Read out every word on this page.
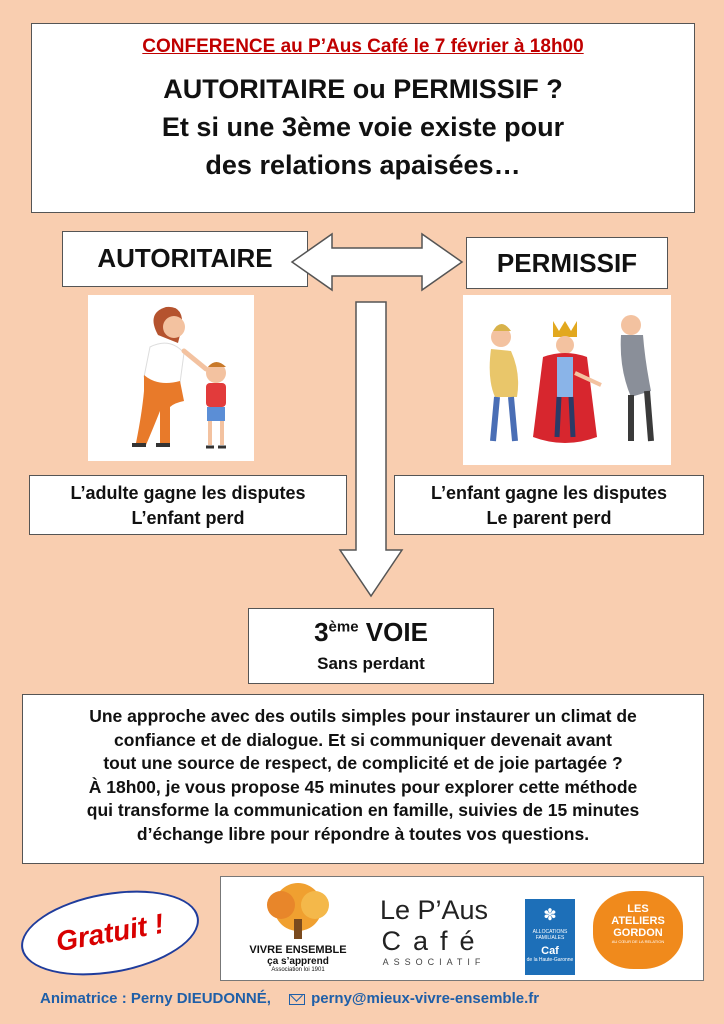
CONFERENCE au P’Aus Café le 7 février à 18h00
AUTORITAIRE ou PERMISSIF ?
Et si une 3ème voie existe pour
des relations apaisées…
AUTORITAIRE	PERMISSIF
L’adulte gagne les disputes
L’enfant perd
L’enfant gagne les disputes
Le parent perd
3ème VOIE
Sans perdant
Une approche avec des outils simples pour instaurer un climat de
confiance et de dialogue. Et si communiquer devenait avant
tout une source de respect, de complicité et de joie partagée ?
À 18h00, je vous propose 45 minutes pour explorer cette méthode
qui transforme la communication en famille, suivies de 15 minutes
d’échange libre pour répondre à toutes vos questions.
Gratuit !	VIVRE ENSEMBLE
ça s’apprend
Association loi 1901
Le P’Aus
Café
ASSOCIATIF
✽
ALLOCATIONS FAMILIALES
Caf
de la Haute-Garonne
LES
ATELIERS
GORDON
AU CŒUR DE LA RELATION
Animatrice : Perny DIEUDONNÉ,	perny@mieux-vivre-ensemble.fr
